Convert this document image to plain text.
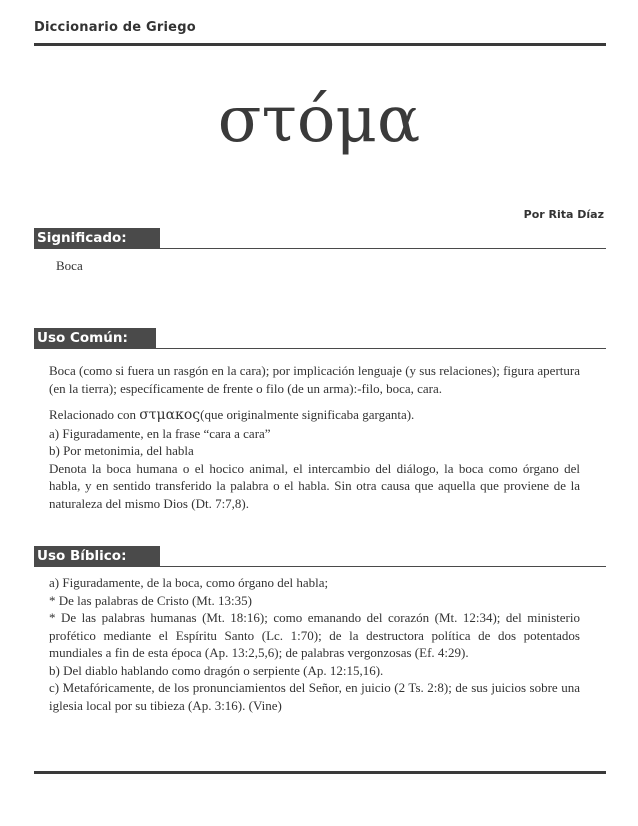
Diccionario de Griego
στόμα
Por Rita Díaz
Significado:
Boca
Uso Común:
Boca (como si fuera un rasgón en la cara); por implicación lenguaje (y sus relaciones); figura apertura (en la tierra); específicamente de frente o filo (de un arma):-filo, boca, cara.
Relacionado con στμακος(que originalmente significaba garganta).
a) Figuradamente, en la frase “cara a cara”
b) Por metonimia, del habla
Denota la boca humana o el hocico animal, el intercambio del diálogo, la boca como órgano del habla, y en sentido transferido la palabra o el habla. Sin otra causa que aquella que proviene de la naturaleza del mismo Dios (Dt. 7:7,8).
Uso Bíblico:
a) Figuradamente, de la boca, como órgano del habla;
* De las palabras de Cristo (Mt. 13:35)
* De las palabras humanas (Mt. 18:16); como emanando del corazón (Mt. 12:34); del ministerio profético mediante el Espíritu Santo (Lc. 1:70); de la destructora política de dos potentados mundiales a fin de esta época (Ap. 13:2,5,6); de palabras vergonzosas (Ef. 4:29).
b) Del diablo hablando como dragón o serpiente (Ap. 12:15,16).
c) Metafóricamente, de los pronunciamientos del Señor, en juicio (2 Ts. 2:8); de sus juicios sobre una iglesia local por su tibieza (Ap. 3:16). (Vine)
